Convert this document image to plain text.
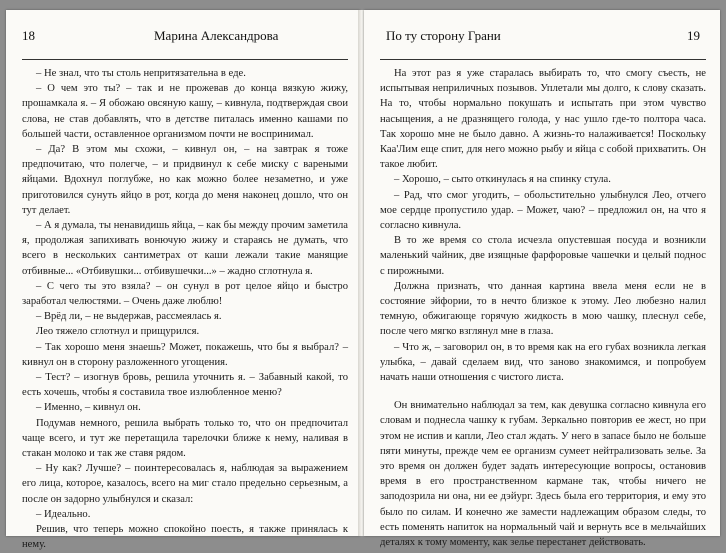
18	Марина Александрова

– Не знал, что ты столь непритязательна в еде.

– О чем это ты? – так и не прожевав до конца вязкую жижу, прошамкала я. – Я обожаю овсяную кашу, – кивнула, подтверждая свои слова, не став добавлять, что в детстве питалась именно кашами по большей части, оставленное организмом почти не воспринимал.

– Да? В этом мы схожи, – кивнул он, – на завтрак я тоже предпочитаю, что полегче, – и придвинул к себе миску с вареными яйцами. Вдохнул поглубже, но как можно более незаметно, и уже приготовился сунуть яйцо в рот, когда до меня наконец дошло, что он тут делает.

– А я думала, ты ненавидишь яйца, – как бы между прочим заметила я, продолжая запихивать вонючую жижу и стараясь не думать, что всего в нескольких сантиметрах от каши лежали такие манящие отбивные... «Отбивушки... отбивушечки...» – жадно сглотнула я.

– С чего ты это взяла? – он сунул в рот целое яйцо и быстро заработал челюстями. – Очень даже люблю!

– Врёд ли, – не выдержав, рассмеялась я.

Лео тяжело сглотнул и прищурился.

– Так хорошо меня знаешь? Может, покажешь, что бы я выбрал? – кивнул он в сторону разложенного угощения.

– Тест? – изогнув бровь, решила уточнить я. – Забавный какой, то есть хочешь, чтобы я составила твое излюбленное меню?

– Именно, – кивнул он.

Подумав немного, решила выбрать только то, что он предпочитал чаще всего, и тут же перетащила тарелочки ближе к нему, наливая в стакан молоко и так же ставя рядом.

– Ну как? Лучше? – поинтересовалась я, наблюдая за выражением его лица, которое, казалось, всего на миг стало предельно серьезным, а после он задорно улыбнулся и сказал:

– Идеально.

Решив, что теперь можно спокойно поесть, я также принялась к нему.

По ту сторону Грани	19

На этот раз я уже старалась выбирать то, что смогу съесть, не испытывая неприличных позывов. Уплетали мы долго, к слову сказать. На то, чтобы нормально покушать и испытать при этом чувство насыщения, а не дразнящего голода, у нас ушло где-то полтора часа. Так хорошо мне не было давно. А жизнь-то налаживается! Поскольку Каа'Лим еще спит, для него можно рыбу и яйца с собой прихватить. Он такое любит.

– Хорошо, – сыто откинулась я на спинку стула.

– Рад, что смог угодить, – обольстительно улыбнулся Лео, отчего мое сердце пропустило удар. – Может, чаю? – предложил он, на что я согласно кивнула.

В то же время со стола исчезла опустевшая посуда и возникли маленький чайник, две изящные фарфоровые чашечки и целый поднос с пирожными.

Должна признать, что данная картина ввела меня если не в состояние эйфории, то в нечто близкое к этому. Лео любезно налил темную, обжигающе горячую жидкость в мою чашку, плеснул себе, после чего мягко взглянул мне в глаза.

– Что ж, – заговорил он, в то время как на его губах возникла легкая улыбка, – давай сделаем вид, что заново знакомимся, и попробуем начать наши отношения с чистого листа.

Он внимательно наблюдал за тем, как девушка согласно кивнула его словам и поднесла чашку к губам. Зеркально повторив ее жест, но при этом не испив и капли, Лео стал ждать. У него в запасе было не больше пяти минуты, прежде чем ее организм сумеет нейтрализовать зелье. За это время он должен будет задать интересующие вопросы, остановив время в его пространственном кармане так, чтобы ничего не заподозрила ни она, ни ее дэйург. Здесь была его территория, и ему это было по силам. И конечно же замести надлежащим образом следы, то есть поменять напиток на нормальный чай и вернуть все в мельчайших деталях к тому моменту, как зелье перестанет действовать.
